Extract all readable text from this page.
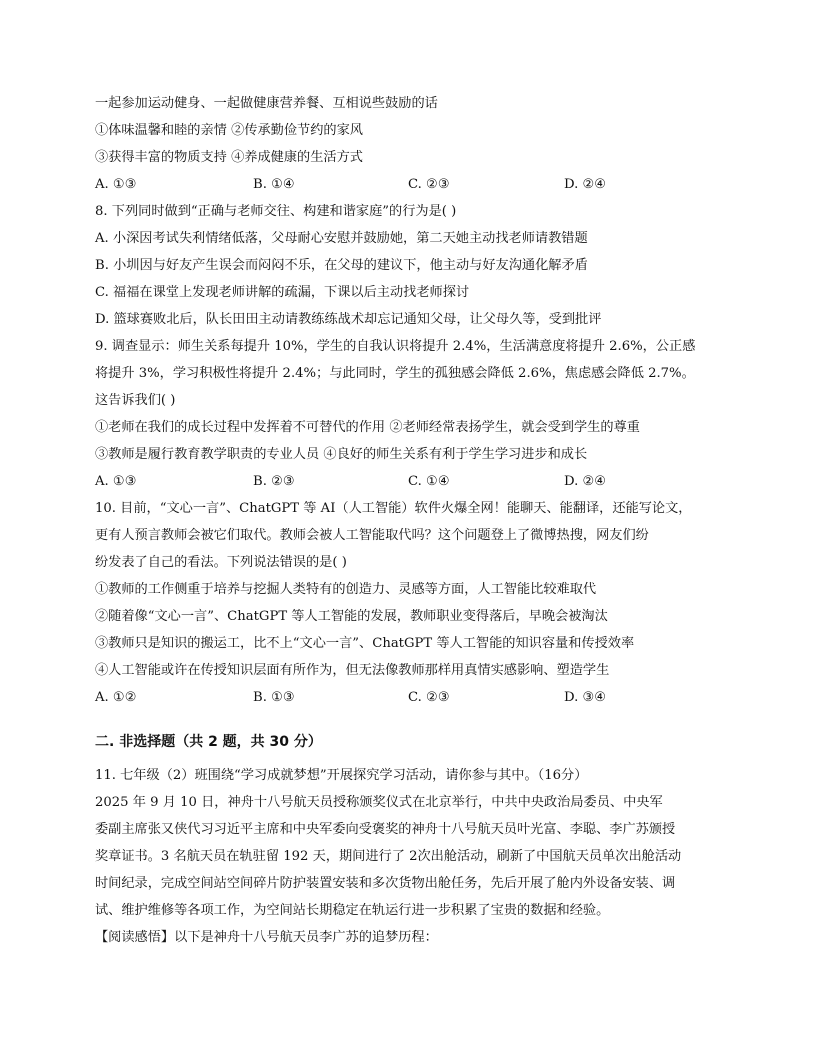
一起参加运动健身、一起做健康营养餐、互相说些鼓励的话
①体味温馨和睦的亲情 ②传承勤俭节约的家风
③获得丰富的物质支持 ④养成健康的生活方式
A. ①③	B. ①④	C. ②③	D. ②④
8. 下列同时做到“正确与老师交往、构建和谐家庭”的行为是( )
A. 小深因考试失利情绪低落，父母耐心安慰并鼓励她，第二天她主动找老师请教错题
B. 小圳因与好友产生误会而闷闷不乐，在父母的建议下，他主动与好友沟通化解矛盾
C. 福福在课堂上发现老师讲解的疏漏，下课以后主动找老师探讨
D. 篮球赛败北后，队长田田主动请教练练战术却忘记通知父母，让父母久等，受到批评
9. 调查显示：师生关系每提升 10%，学生的自我认识将提升 2.4%，生活满意度将提升 2.6%，公正感
将提升 3%，学习积极性将提升 2.4%；与此同时，学生的孤独感会降低 2.6%，焦虑感会降低 2.7%。
这告诉我们( )
①老师在我们的成长过程中发挥着不可替代的作用 ②老师经常表扬学生，就会受到学生的尊重
③教师是履行教育教学职责的专业人员 ④良好的师生关系有利于学生学习进步和成长
A. ①③	B. ②③	C. ①④	D. ②④
10. 目前，“文心一言”、ChatGPT 等 AI（人工智能）软件火爆全网！能聊天、能翻译，还能写论文，
更有人预言教师会被它们取代。教师会被人工智能取代吗？这个问题登上了微博热搜，网友们纷
纷发表了自己的看法。下列说法错误的是( )
①教师的工作侧重于培养与挖掘人类特有的创造力、灵感等方面，人工智能比较难取代
②随着像“文心一言”、ChatGPT 等人工智能的发展，教师职业变得落后，早晚会被淘汰
③教师只是知识的搬运工，比不上“文心一言”、ChatGPT 等人工智能的知识容量和传授效率
④人工智能或许在传授知识层面有所作为，但无法像教师那样用真情实感影响、塑造学生
A. ①②	B. ①③	C. ②③	D. ③④
二. 非选择题（共 2 题，共 30 分）
11. 七年级（2）班围绕“学习成就梦想”开展探究学习活动，请你参与其中。（16分）
2025 年 9 月 10 日，神舟十八号航天员授称颁奖仪式在北京举行，中共中央政治局委员、中央军
委副主席张又侠代习习近平主席和中央军委向受褒奖的神舟十八号航天员叶光富、李聪、李广苏颁授
奖章证书。3 名航天员在轨驻留 192 天，期间进行了 2次出舱活动，刷新了中国航天员单次出舱活动
时间纪录，完成空间站空间碎片防护装置安装和多次货物出舱任务，先后开展了舱内外设备安装、调
试、维护维修等各项工作，为空间站长期稳定在轨运行进一步积累了宝贵的数据和经验。
【阅读感悟】以下是神舟十八号航天员李广苏的追梦历程：
